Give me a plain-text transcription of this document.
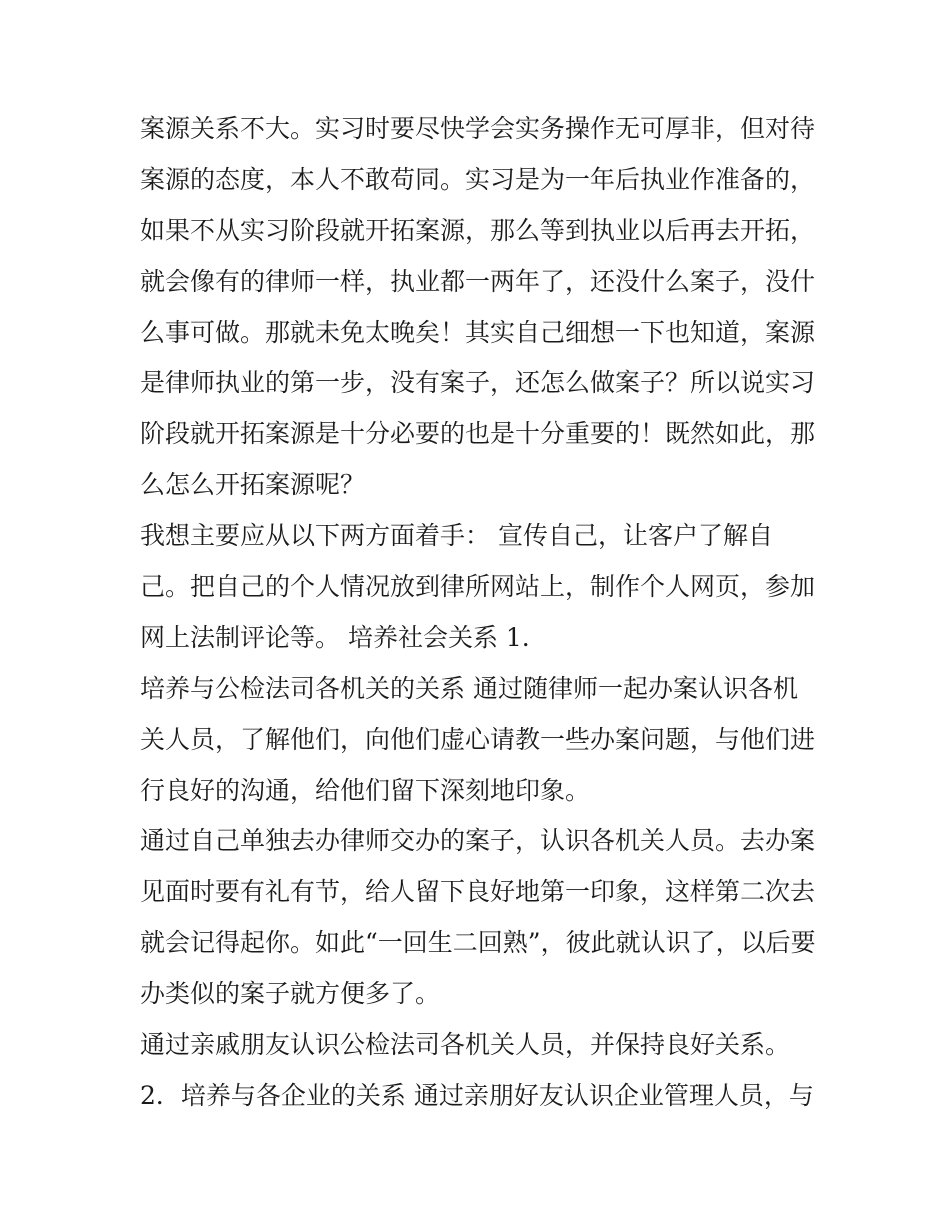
案源关系不大。实习时要尽快学会实务操作无可厚非，但对待
案源的态度，本人不敢苟同。实习是为一年后执业作准备的，
如果不从实习阶段就开拓案源，那么等到执业以后再去开拓，
就会像有的律师一样，执业都一两年了，还没什么案子，没什
么事可做。那就未免太晚矣！其实自己细想一下也知道，案源
是律师执业的第一步，没有案子，还怎么做案子？所以说实习
阶段就开拓案源是十分必要的也是十分重要的！既然如此，那
么怎么开拓案源呢？
我想主要应从以下两方面着手： 宣传自己，让客户了解自
己。把自己的个人情况放到律所网站上，制作个人网页，参加
网上法制评论等。 培养社会关系 1.
培养与公检法司各机关的关系 通过随律师一起办案认识各机
关人员，了解他们，向他们虚心请教一些办案问题，与他们进
行良好的沟通，给他们留下深刻地印象。
通过自己单独去办律师交办的案子，认识各机关人员。去办案
见面时要有礼有节，给人留下良好地第一印象，这样第二次去
就会记得起你。如此“一回生二回熟”，彼此就认识了，以后要
办类似的案子就方便多了。
通过亲戚朋友认识公检法司各机关人员，并保持良好关系。
2．培养与各企业的关系 通过亲朋好友认识企业管理人员，与
